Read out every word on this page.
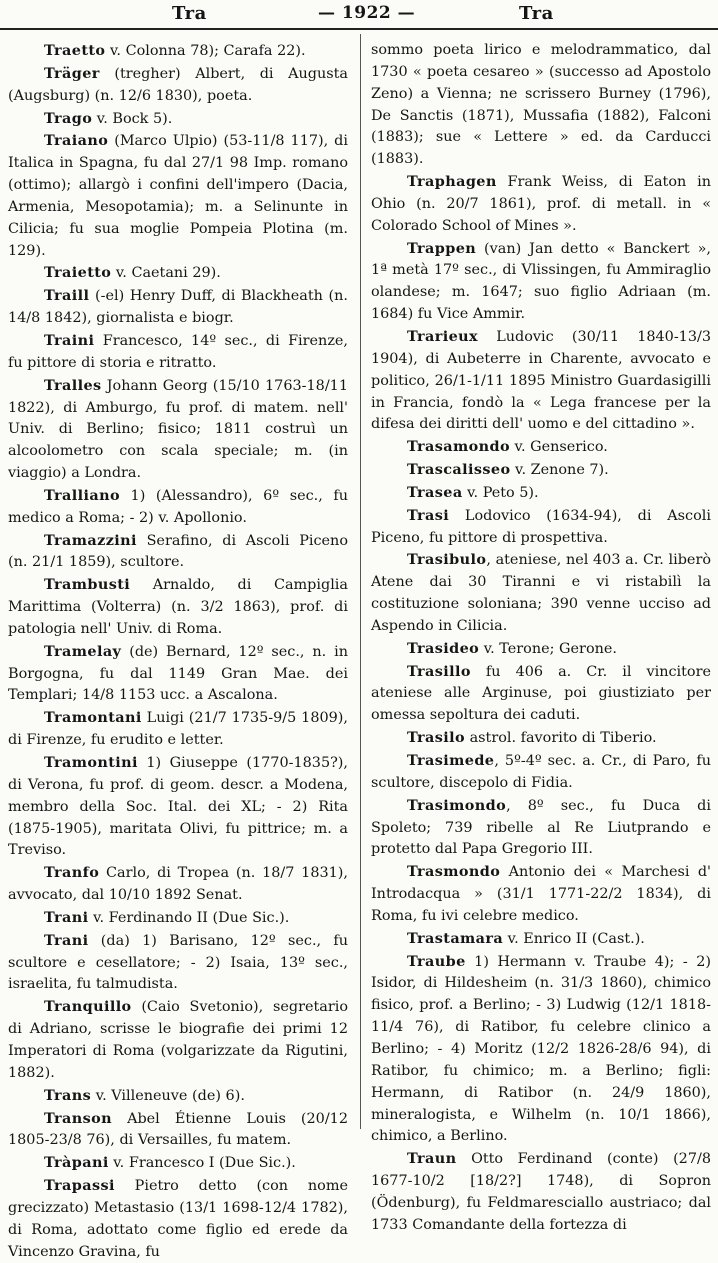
Tra	— 1922 —	Tra

Traetto v. Colonna 78); Carafa 22).

Träger (tregher) Albert, di Augusta (Augsburg) (n. 12/6 1830), poeta.

Trago v. Bock 5).

Traiano (Marco Ulpio) (53-11/8 117), di Italica in Spagna, fu dal 27/1 98 Imp. romano (ottimo); allargò i confini dell'impero (Dacia, Armenia, Mesopotamia); m. a Selinunte in Cilicia; fu sua moglie Pompeia Plotina (m. 129).

Traietto v. Caetani 29).

Traill (-el) Henry Duff, di Blackheath (n. 14/8 1842), giornalista e biogr.

Traini Francesco, 14º sec., di Firenze, fu pittore di storia e ritratto.

Tralles Johann Georg (15/10 1763-18/11 1822), di Amburgo, fu prof. di matem. nell' Univ. di Berlino; fisico; 1811 costruì un alcoolometro con scala speciale; m. (in viaggio) a Londra.

Tralliano 1) (Alessandro), 6º sec., fu medico a Roma; - 2) v. Apollonio.

Tramazzini Serafino, di Ascoli Piceno (n. 21/1 1859), scultore.

Trambusti Arnaldo, di Campiglia Marittima (Volterra) (n. 3/2 1863), prof. di patologia nell' Univ. di Roma.

Tramelay (de) Bernard, 12º sec., n. in Borgogna, fu dal 1149 Gran Mae. dei Templari; 14/8 1153 ucc. a Ascalona.

Tramontani Luigi (21/7 1735-9/5 1809), di Firenze, fu erudito e letter.

Tramontini 1) Giuseppe (1770-1835?), di Verona, fu prof. di geom. descr. a Modena, membro della Soc. Ital. dei XL; - 2) Rita (1875-1905), maritata Olivi, fu pittrice; m. a Treviso.

Tranfo Carlo, di Tropea (n. 18/7 1831), avvocato, dal 10/10 1892 Senat.

Trani v. Ferdinando II (Due Sic.).

Trani (da) 1) Barisano, 12º sec., fu scultore e cesellatore; - 2) Isaia, 13º sec., israelita, fu talmudista.

Tranquillo (Caio Svetonio), segretario di Adriano, scrisse le biografie dei primi 12 Imperatori di Roma (volgarizzate da Rigutini, 1882).

Trans v. Villeneuve (de) 6).

Transon Abel Étienne Louis (20/12 1805-23/8 76), di Versailles, fu matem.

Tràpani v. Francesco I (Due Sic.).

Trapassi Pietro detto (con nome grecizzato) Metastasio (13/1 1698-12/4 1782), di Roma, adottato come figlio ed erede da Vincenzo Gravina, fu

sommo poeta lirico e melodrammatico, dal 1730 « poeta cesareo » (successo ad Apostolo Zeno) a Vienna; ne scrissero Burney (1796), De Sanctis (1871), Mussafia (1882), Falconi (1883); sue « Lettere » ed. da Carducci (1883).

Traphagen Frank Weiss, di Eaton in Ohio (n. 20/7 1861), prof. di metall. in « Colorado School of Mines ».

Trappen (van) Jan detto « Banckert », 1ª metà 17º sec., di Vlissingen, fu Ammiraglio olandese; m. 1647; suo figlio Adriaan (m. 1684) fu Vice Ammir.

Trarieux Ludovic (30/11 1840-13/3 1904), di Aubeterre in Charente, avvocato e politico, 26/1-1/11 1895 Ministro Guardasigilli in Francia, fondò la « Lega francese per la difesa dei diritti dell' uomo e del cittadino ».

Trasamondo v. Genserico.

Trascalisseo v. Zenone 7).

Trasea v. Peto 5).

Trasi Lodovico (1634-94), di Ascoli Piceno, fu pittore di prospettiva.

Trasibulo, ateniese, nel 403 a. Cr. liberò Atene dai 30 Tiranni e vi ristabilì la costituzione soloniana; 390 venne ucciso ad Aspendo in Cilicia.

Trasideo v. Terone; Gerone.

Trasillo fu 406 a. Cr. il vincitore ateniese alle Arginuse, poi giustiziato per omessa sepoltura dei caduti.

Trasilo astrol. favorito di Tiberio.

Trasimede, 5º-4º sec. a. Cr., di Paro, fu scultore, discepolo di Fidia.

Trasimondo, 8º sec., fu Duca di Spoleto; 739 ribelle al Re Liutprando e protetto dal Papa Gregorio III.

Trasmondo Antonio dei « Marchesi d' Introdacqua » (31/1 1771-22/2 1834), di Roma, fu ivi celebre medico.

Trastamara v. Enrico II (Cast.).

Traube 1) Hermann v. Traube 4); - 2) Isidor, di Hildesheim (n. 31/3 1860), chimico fisico, prof. a Berlino; - 3) Ludwig (12/1 1818-11/4 76), di Ratibor, fu celebre clinico a Berlino; - 4) Moritz (12/2 1826-28/6 94), di Ratibor, fu chimico; m. a Berlino; figli: Hermann, di Ratibor (n. 24/9 1860), mineralogista, e Wilhelm (n. 10/1 1866), chimico, a Berlino.

Traun Otto Ferdinand (conte) (27/8 1677-10/2 [18/2?] 1748), di Sopron (Ödenburg), fu Feldmaresciallo austriaco; dal 1733 Comandante della fortezza di
